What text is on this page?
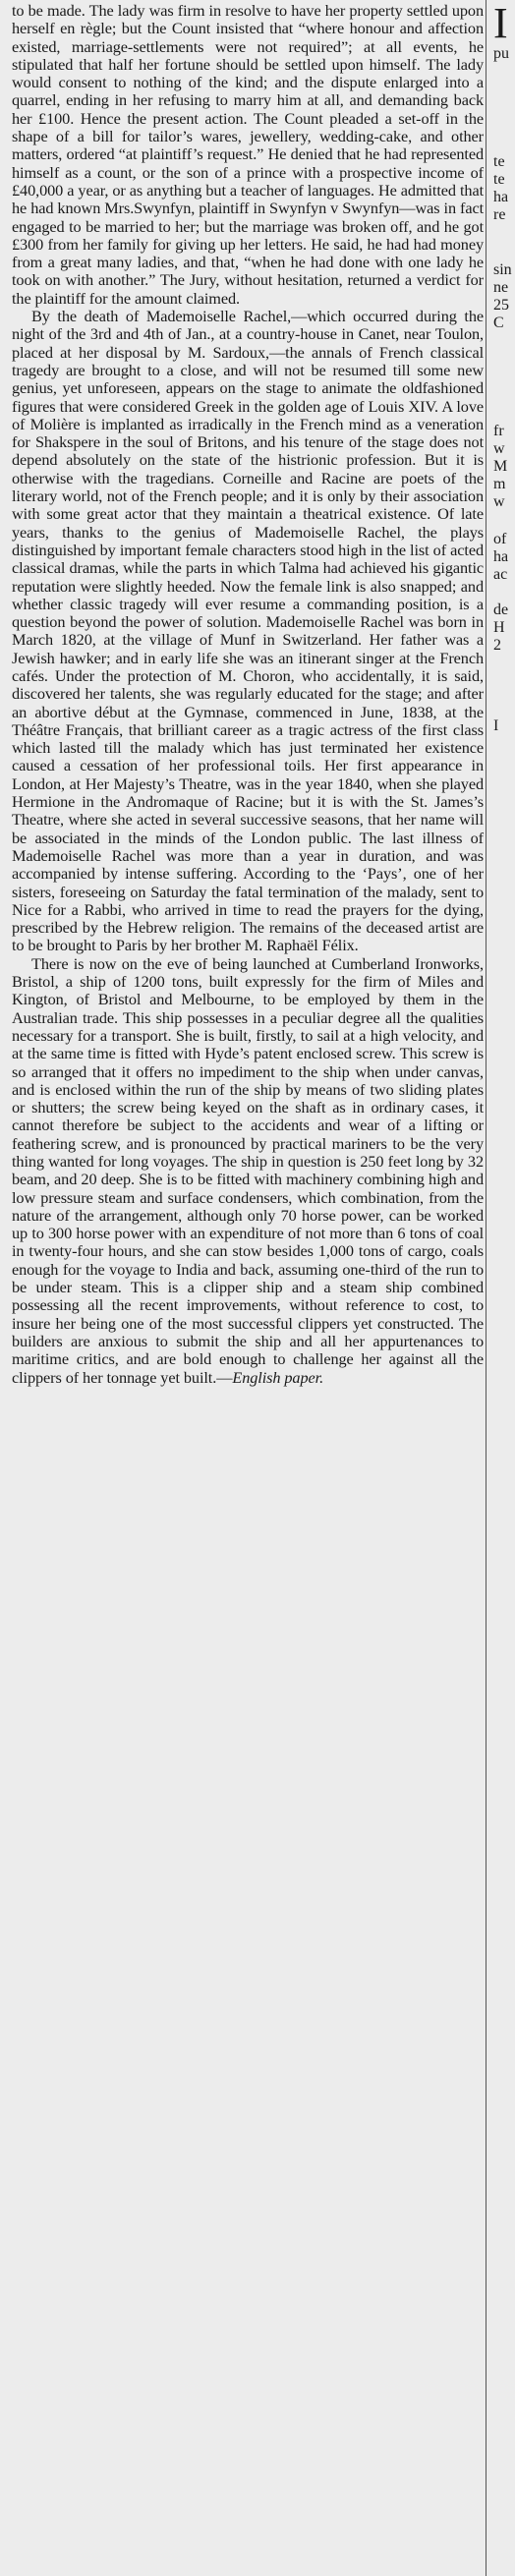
to be made. The lady was firm in resolve to have her property settled upon herself en règle; but the Count insisted that “where honour and affection existed, marriage-settlements were not required”; at all events, he stipulated that half her fortune should be settled upon himself. The lady would consent to nothing of the kind; and the dispute enlarged into a quarrel, ending in her refusing to marry him at all, and demanding back her £100. Hence the present action. The Count pleaded a set-off in the shape of a bill for tailor’s wares, jewellery, wedding-cake, and other matters, ordered “at plaintiff’s request.” He denied that he had represented himself as a count, or the son of a prince with a prospective income of £40,000 a year, or as anything but a teacher of languages. He admitted that he had known Mrs.Swynfyn, plaintiff in Swynfyn v Swynfyn—was in fact engaged to be married to her; but the marriage was broken off, and he got £300 from her family for giving up her letters. He said, he had had money from a great many ladies, and that, “when he had done with one lady he took on with another.” The Jury, without hesitation, returned a verdict for the plaintiff for the amount claimed.

By the death of Mademoiselle Rachel,—which occurred during the night of the 3rd and 4th of Jan., at a country-house in Canet, near Toulon, placed at her disposal by M. Sardoux,—the annals of French classical tragedy are brought to a close, and will not be resumed till some new genius, yet unforeseen, appears on the stage to animate the oldfashioned figures that were considered Greek in the golden age of Louis XIV. A love of Molière is implanted as irradically in the French mind as a veneration for Shakspere in the soul of Britons, and his tenure of the stage does not depend absolutely on the state of the histrionic profession. But it is otherwise with the tragedians. Corneille and Racine are poets of the literary world, not of the French people; and it is only by their association with some great actor that they maintain a theatrical existence. Of late years, thanks to the genius of Mademoiselle Rachel, the plays distinguished by important female characters stood high in the list of acted classical dramas, while the parts in which Talma had achieved his gigantic reputation were slightly heeded. Now the female link is also snapped; and whether classic tragedy will ever resume a commanding position, is a question beyond the power of solution. Mademoiselle Rachel was born in March 1820, at the village of Munf in Switzerland. Her father was a Jewish hawker; and in early life she was an itinerant singer at the French cafés. Under the protection of M. Choron, who accidentally, it is said, discovered her talents, she was regularly educated for the stage; and after an abortive début at the Gymnase, commenced in June, 1838, at the Théâtre Français, that brilliant career as a tragic actress of the first class which lasted till the malady which has just terminated her existence caused a cessation of her professional toils. Her first appearance in London, at Her Majesty’s Theatre, was in the year 1840, when she played Hermione in the Andromaque of Racine; but it is with the St. James’s Theatre, where she acted in several successive seasons, that her name will be associated in the minds of the London public. The last illness of Mademoiselle Rachel was more than a year in duration, and was accompanied by intense suffering. According to the ‘Pays’, one of her sisters, foreseeing on Saturday the fatal termination of the malady, sent to Nice for a Rabbi, who arrived in time to read the prayers for the dying, prescribed by the Hebrew religion. The remains of the deceased artist are to be brought to Paris by her brother M. Raphaël Félix.

There is now on the eve of being launched at Cumberland Ironworks, Bristol, a ship of 1200 tons, built expressly for the firm of Miles and Kington, of Bristol and Melbourne, to be employed by them in the Australian trade. This ship possesses in a peculiar degree all the qualities necessary for a transport. She is built, firstly, to sail at a high velocity, and at the same time is fitted with Hyde’s patent enclosed screw. This screw is so arranged that it offers no impediment to the ship when under canvas, and is enclosed within the run of the ship by means of two sliding plates or shutters; the screw being keyed on the shaft as in ordinary cases, it cannot therefore be subject to the accidents and wear of a lifting or feathering screw, and is pronounced by practical mariners to be the very thing wanted for long voyages. The ship in question is 250 feet long by 32 beam, and 20 deep. She is to be fitted with machinery combining high and low pressure steam and surface condensers, which combination, from the nature of the arrangement, although only 70 horse power, can be worked up to 300 horse power with an expenditure of not more than 6 tons of coal in twenty-four hours, and she can stow besides 1,000 tons of cargo, coals enough for the voyage to India and back, assuming one-third of the run to be under steam. This is a clipper ship and a steam ship combined possessing all the recent improvements, without reference to cost, to insure her being one of the most successful clippers yet constructed. The builders are anxious to submit the ship and all her appurtenances to maritime critics, and are bold enough to challenge her against all the clippers of her tonnage yet built.—English paper.

I
pu
te
te
ha
re
sin
ne
25
C
fr
w
M
m
w
of
ha
ac
de
H
2
I
